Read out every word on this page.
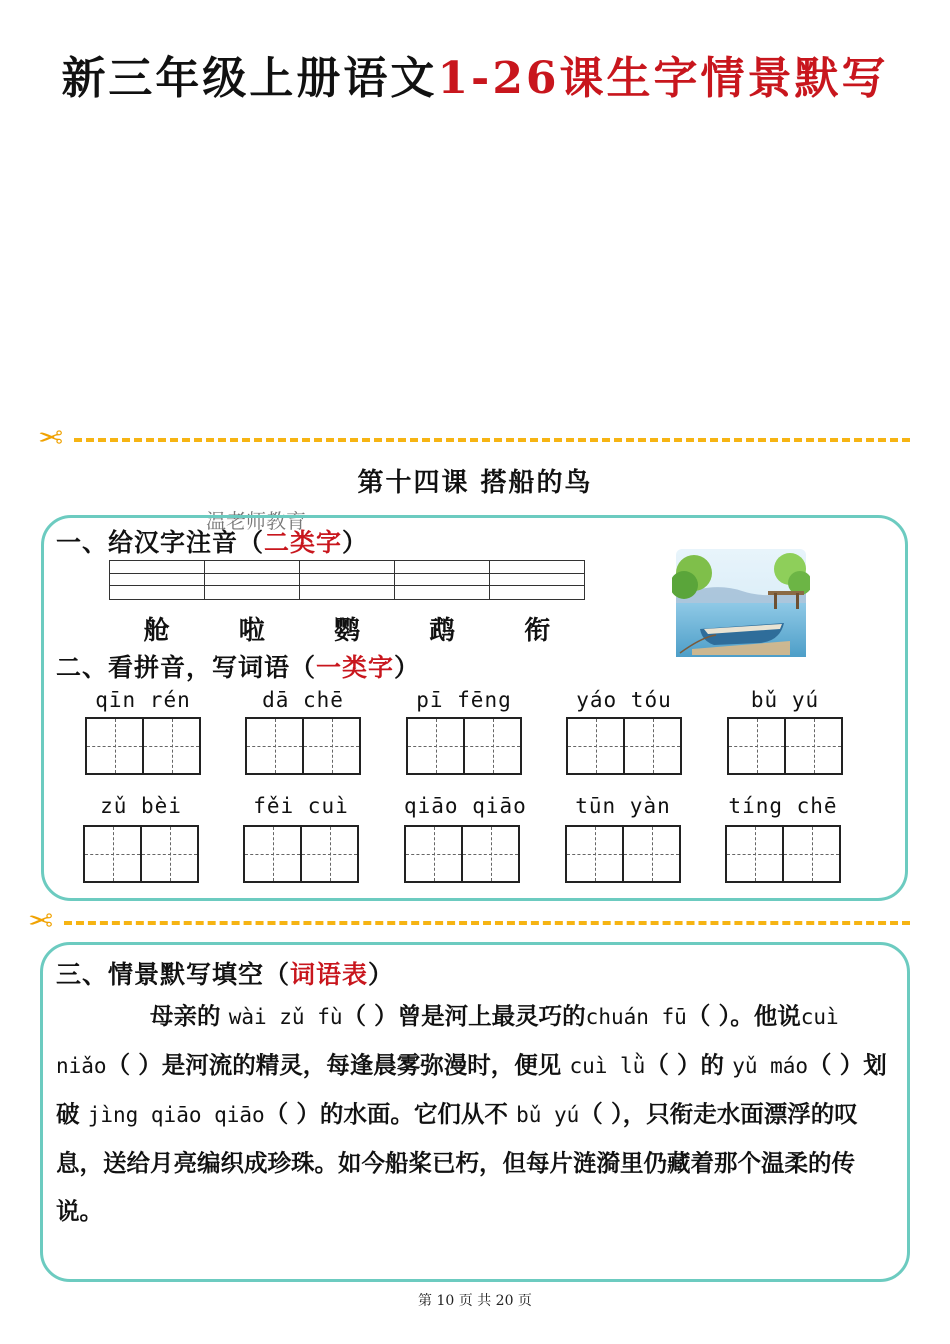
新三年级上册语文1-26课生字情景默写
✂
第十四课 搭船的鸟
温老师教育
一、给汉字注音（二类字）
舱	啦	鹦	鹉	衔
二、看拼音，写词语（一类字）
qīn rén	dā chē	pī fēng	yáo tóu	bǔ yú
zǔ bèi	fěi cuì	qiāo qiāo	tūn yàn	tíng chē
✂
三、情景默写填空（词语表）
母亲的 wài zǔ fù（ ）曾是河上最灵巧的chuán fū（ ）。他说cuì niǎo（ ）是河流的精灵，每逢晨雾弥漫时，便见 cuì lǜ（ ）的 yǔ máo（ ）划破 jìng qiāo qiāo（ ）的水面。它们从不 bǔ yú（ ），只衔走水面漂浮的叹息，送给月亮编织成珍珠。如今船桨已朽，但每片涟漪里仍藏着那个温柔的传说。
第 10 页 共 20 页
